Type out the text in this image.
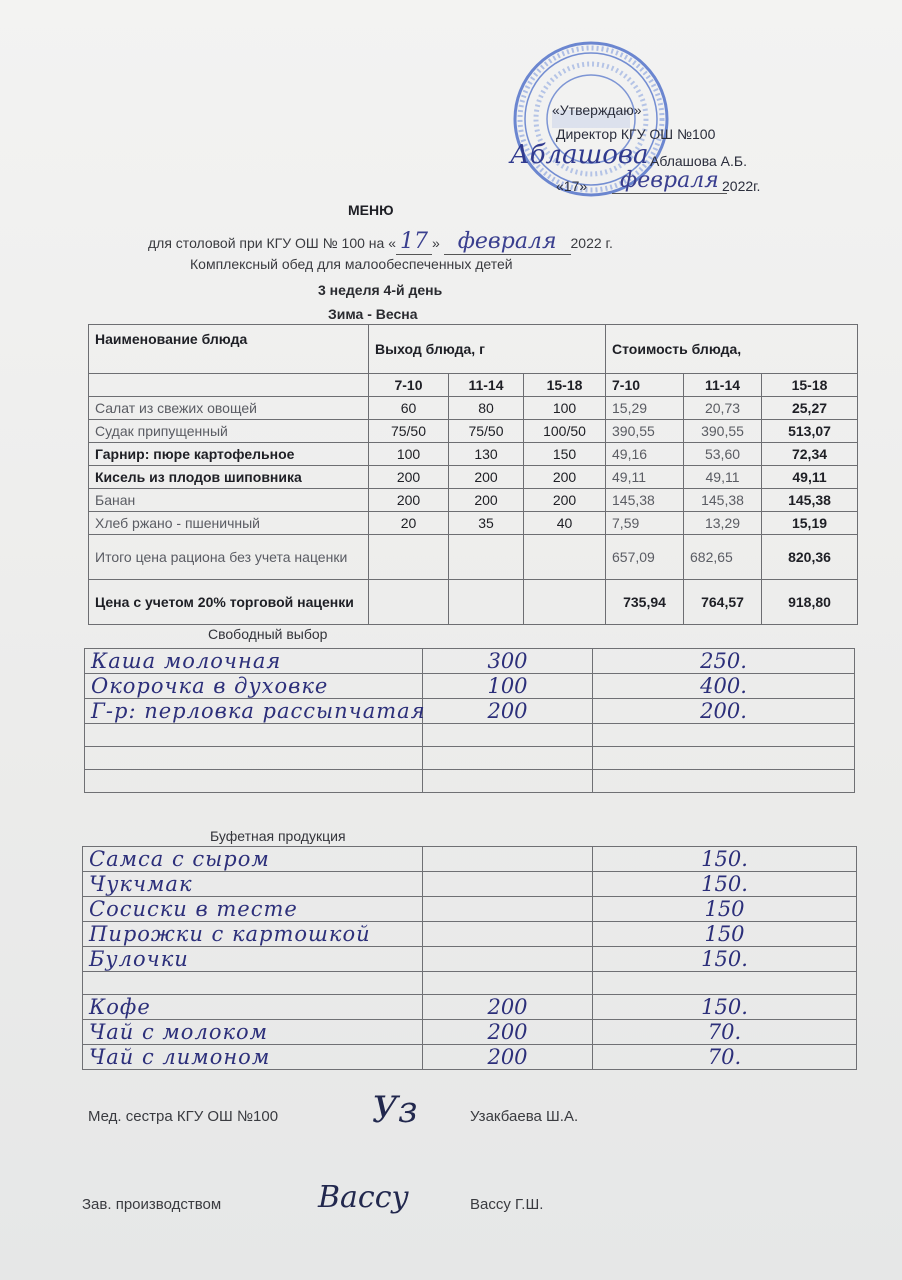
«Утверждаю»
Директор КГУ ОШ №100
Аблашова Аблашова А.Б.
«17»	февраля 2022г.
МЕНЮ
для столовой при КГУ ОШ № 100 на « 17 » февраля 2022 г.
Комплексный обед для малообеспеченных детей
3 неделя 4-й день
Зима - Весна
Наименование блюда	Выход блюда, г			Стоимость блюда,		
	7-10	11-14	15-18	7-10	11-14	15-18
Салат из свежих овощей	60	80	100	15,29	20,73	25,27
Судак припущенный	75/50	75/50	100/50	390,55	390,55	513,07
Гарнир: пюре картофельное	100	130	150	49,16	53,60	72,34
Кисель из плодов шиповника	200	200	200	49,11	49,11	49,11
Банан	200	200	200	145,38	145,38	145,38
Хлеб ржано - пшеничный	20	35	40	7,59	13,29	15,19
Итого цена рациона без учета наценки				657,09	682,65	820,36
Цена с учетом 20% торговой наценки				735,94	764,57	918,80
Свободный выбор
Каша молочная	300	250.
Окорочка в духовке	100	400.
Г-р: перловка рассыпчатая	200	200.

Буфетная продукция
Самса с сыром		150.
Чукчмак		150.
Сосиски в тесте		150
Пирожки с картошкой		150
Булочки		150.

Кофе	200	150.
Чай с молоком	200	70.
Чай с лимоном	200	70.
Мед. сестра КГУ ОШ №100	Уз	Узакбаева Ш.А.
Зав. производством	Вассу	Вассу Г.Ш.
